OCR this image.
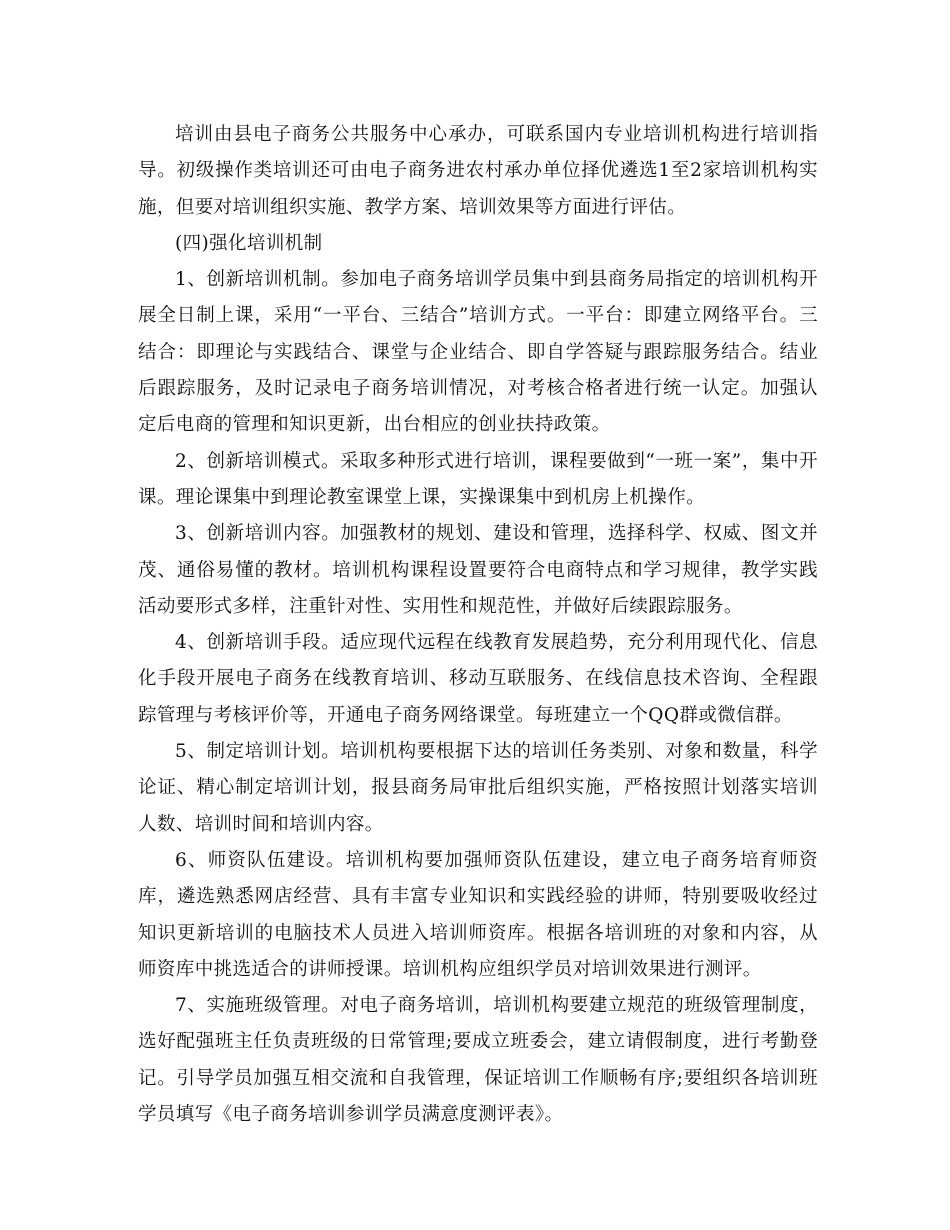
培训由县电子商务公共服务中心承办，可联系国内专业培训机构进行培训指导。初级操作类培训还可由电子商务进农村承办单位择优遴选1至2家培训机构实施，但要对培训组织实施、教学方案、培训效果等方面进行评估。

(四)强化培训机制

1、创新培训机制。参加电子商务培训学员集中到县商务局指定的培训机构开展全日制上课，采用“一平台、三结合”培训方式。一平台：即建立网络平台。三结合：即理论与实践结合、课堂与企业结合、即自学答疑与跟踪服务结合。结业后跟踪服务，及时记录电子商务培训情况，对考核合格者进行统一认定。加强认定后电商的管理和知识更新，出台相应的创业扶持政策。

2、创新培训模式。采取多种形式进行培训，课程要做到“一班一案”，集中开课。理论课集中到理论教室课堂上课，实操课集中到机房上机操作。

3、创新培训内容。加强教材的规划、建设和管理，选择科学、权威、图文并茂、通俗易懂的教材。培训机构课程设置要符合电商特点和学习规律，教学实践活动要形式多样，注重针对性、实用性和规范性，并做好后续跟踪服务。

4、创新培训手段。适应现代远程在线教育发展趋势，充分利用现代化、信息化手段开展电子商务在线教育培训、移动互联服务、在线信息技术咨询、全程跟踪管理与考核评价等，开通电子商务网络课堂。每班建立一个QQ群或微信群。

5、制定培训计划。培训机构要根据下达的培训任务类别、对象和数量，科学论证、精心制定培训计划，报县商务局审批后组织实施，严格按照计划落实培训人数、培训时间和培训内容。

6、师资队伍建设。培训机构要加强师资队伍建设，建立电子商务培育师资库，遴选熟悉网店经营、具有丰富专业知识和实践经验的讲师，特别要吸收经过知识更新培训的电脑技术人员进入培训师资库。根据各培训班的对象和内容，从师资库中挑选适合的讲师授课。培训机构应组织学员对培训效果进行测评。

7、实施班级管理。对电子商务培训，培训机构要建立规范的班级管理制度，选好配强班主任负责班级的日常管理;要成立班委会，建立请假制度，进行考勤登记。引导学员加强互相交流和自我管理，保证培训工作顺畅有序;要组织各培训班学员填写《电子商务培训参训学员满意度测评表》。
